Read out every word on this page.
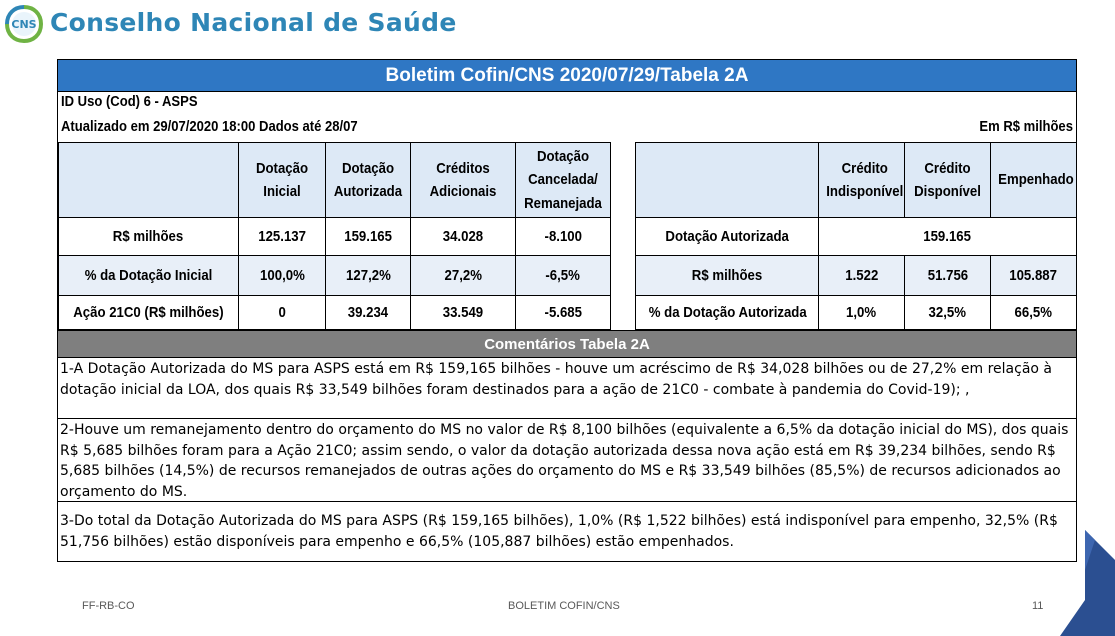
CNS Conselho Nacional de Saúde
Boletim Cofin/CNS 2020/07/29/Tabela 2A
ID Uso (Cod) 6 - ASPS
Atualizado em 29/07/2020 18:00 Dados até 28/07	Em R$ milhões
	Dotação Inicial	Dotação Autorizada	Créditos Adicionais	Dotação Cancelada/ Remanejada
R$ milhões	125.137	159.165	34.028	-8.100
% da Dotação Inicial	100,0%	127,2%	27,2%	-6,5%
Ação 21C0 (R$ milhões)	0	39.234	33.549	-5.685
	Crédito Indisponível	Crédito Disponível	Empenhado
Dotação Autorizada	159.165		
R$ milhões	1.522	51.756	105.887
% da Dotação Autorizada	1,0%	32,5%	66,5%
Comentários Tabela 2A
1-A Dotação Autorizada do MS para ASPS está em R$ 159,165 bilhões - houve um acréscimo de R$ 34,028 bilhões ou de 27,2% em relação à dotação inicial da LOA, dos quais R$ 33,549 bilhões foram destinados para a ação de 21C0 - combate à pandemia do Covid-19); ,
2-Houve um remanejamento dentro do orçamento do MS no valor de R$ 8,100 bilhões (equivalente a 6,5% da dotação inicial do MS), dos quais R$ 5,685 bilhões foram para a Ação 21C0; assim sendo, o valor da dotação autorizada dessa nova ação está em R$ 39,234 bilhões, sendo R$ 5,685 bilhões (14,5%) de recursos remanejados de outras ações do orçamento do MS e R$ 33,549 bilhões (85,5%) de recursos adicionados ao orçamento do MS.
3-Do total da Dotação Autorizada do MS para ASPS (R$ 159,165 bilhões), 1,0% (R$ 1,522 bilhões) está indisponível para empenho, 32,5% (R$ 51,756 bilhões) estão disponíveis para empenho e 66,5% (105,887 bilhões) estão empenhados.
FF-RB-CO	BOLETIM COFIN/CNS	11
